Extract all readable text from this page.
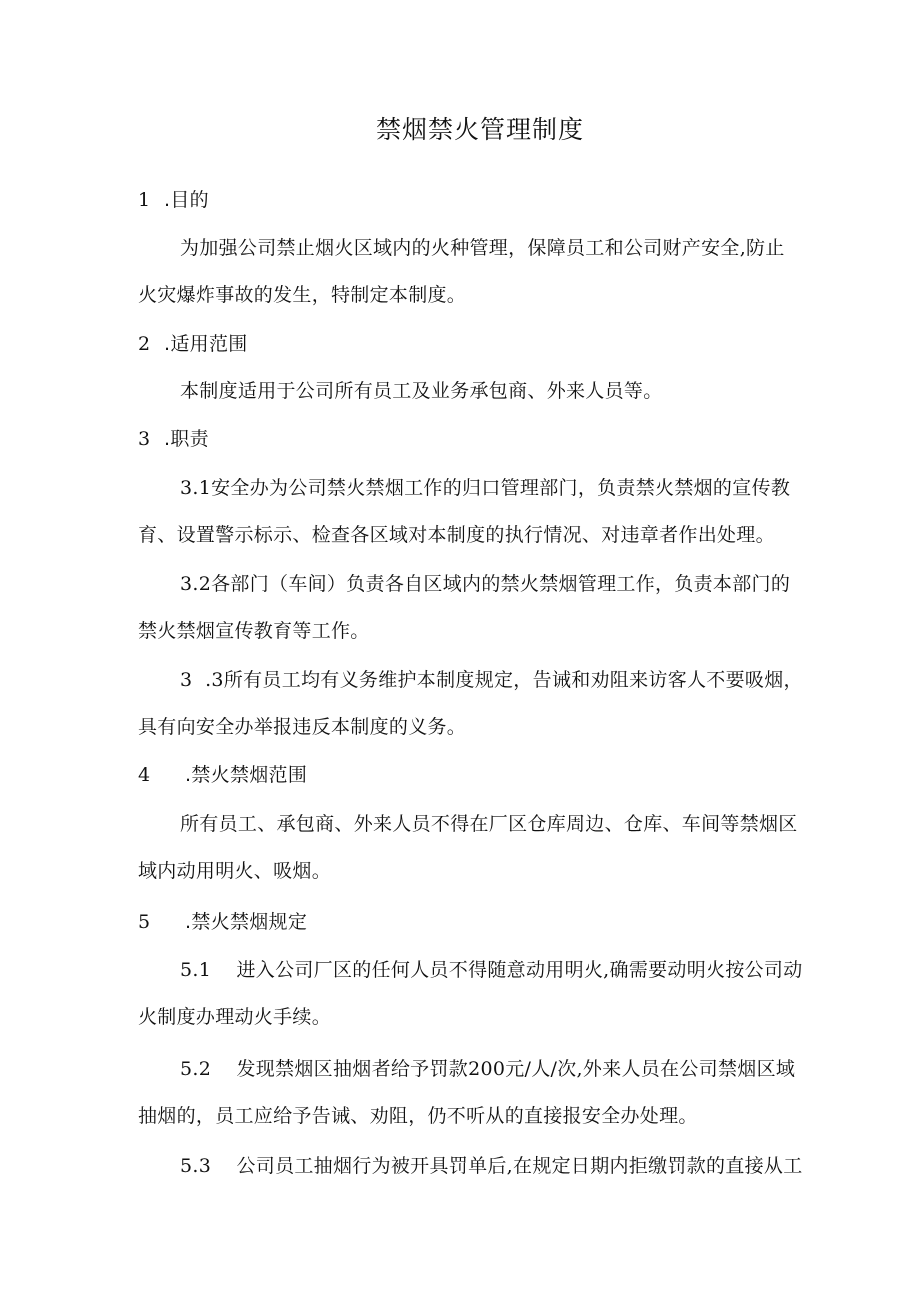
禁烟禁火管理制度
1 .目的
为加强公司禁止烟火区域内的火种管理，保障员工和公司财产安全,防止
火灾爆炸事故的发生，特制定本制度。
2 .适用范围
本制度适用于公司所有员工及业务承包商、外来人员等。
3 .职责
3.1安全办为公司禁火禁烟工作的归口管理部门，负责禁火禁烟的宣传教
育、设置警示标示、检查各区域对本制度的执行情况、对违章者作出处理。
3.2各部门（车间）负责各自区域内的禁火禁烟管理工作，负责本部门的
禁火禁烟宣传教育等工作。
3  .3所有员工均有义务维护本制度规定，告诫和劝阻来访客人不要吸烟，
具有向安全办举报违反本制度的义务。
4 .禁火禁烟范围
所有员工、承包商、外来人员不得在厂区仓库周边、仓库、车间等禁烟区
域内动用明火、吸烟。
5 .禁火禁烟规定
5.1    进入公司厂区的任何人员不得随意动用明火,确需要动明火按公司动
火制度办理动火手续。
5.2    发现禁烟区抽烟者给予罚款200元/人/次,外来人员在公司禁烟区域
抽烟的，员工应给予告诫、劝阻，仍不听从的直接报安全办处理。
5.3    公司员工抽烟行为被开具罚单后,在规定日期内拒缴罚款的直接从工
